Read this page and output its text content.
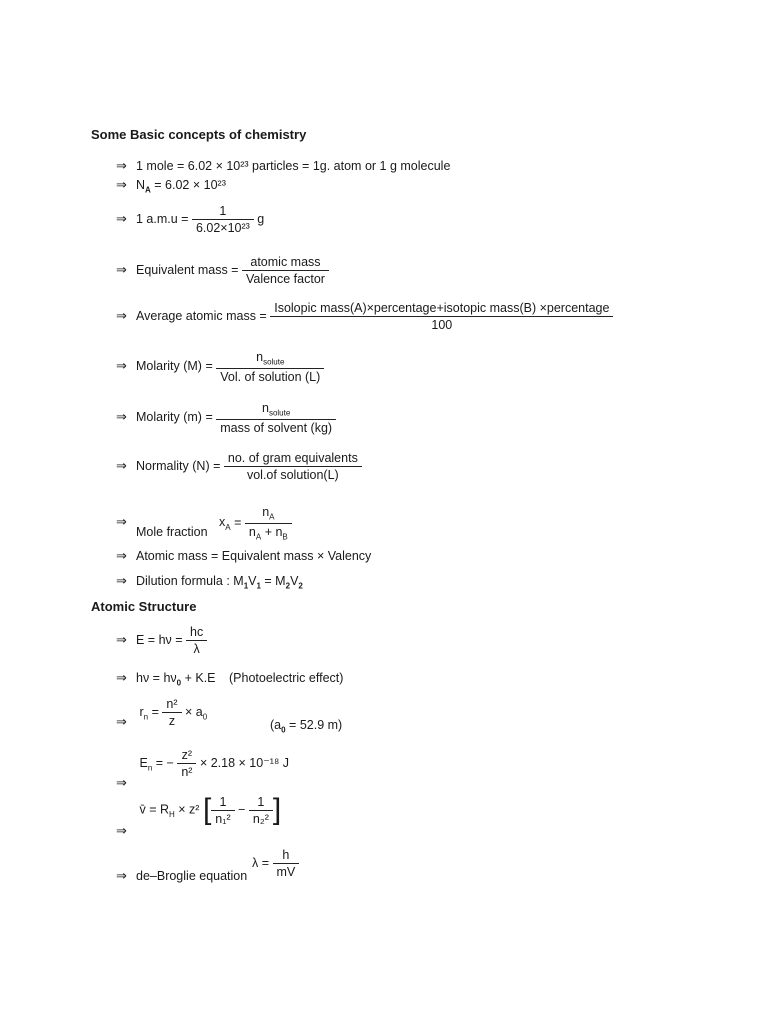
Some Basic concepts of chemistry
⇒ 1 mole = 6.02 × 10²³ particles = 1g. atom or 1 g molecule
⇒ $N_A = 6.02 \times 10^{23}$
⇒ 1 $a.m.u = \frac{1}{\text{6.02×10²³}}$ g
⇒ Equivalent mass = $\frac{\text{atomic mass}}{\text{Valence factor}}$
⇒ Average atomic mass = $\frac{\text{Isolopic mass(A)×percentage+isotopic mass(B) ×percentage}}{100}$
⇒ Molarity $(M) = \frac{n_{solute}}{\text{Vol. of solution (L)}}$
⇒ Molarity $(m) = \frac{n_{solute}}{\text{mass of solvent (kg)}}$
⇒ Normality $(N) = \frac{\text{no. of gram equivalents}}{\text{vol.of solution(L)}}$
⇒Mole fraction $x_A = \frac{n_A}{n_A + n_B}$
⇒ Atomic mass = Equivalent mass × Valency
⇒ Dilution formula : $M_1V_1 = M_2V_2$
Atomic Structure
⇒ $E = h\nu = \frac{hc}{\lambda}$
⇒ $h\nu = h\nu_0 + K.E$ (Photoelectric effect)
⇒ $r_n = \frac{\text{n²}}{z} \times a_0$
($a_0 = 52.9$ m)
⇒ $E_n$ = − $\frac{\text{z²}}{\text{n²}} \times 2.18 \times 10^{-18}$ J
⇒ v̄ = $R_H \times z^2$ [ $\frac{1}{\text{n₁²}} - \frac{1}{\text{n₂²}}$ ]
⇒ de–Broglie equation
$\lambda = \frac{h}{mV}$
